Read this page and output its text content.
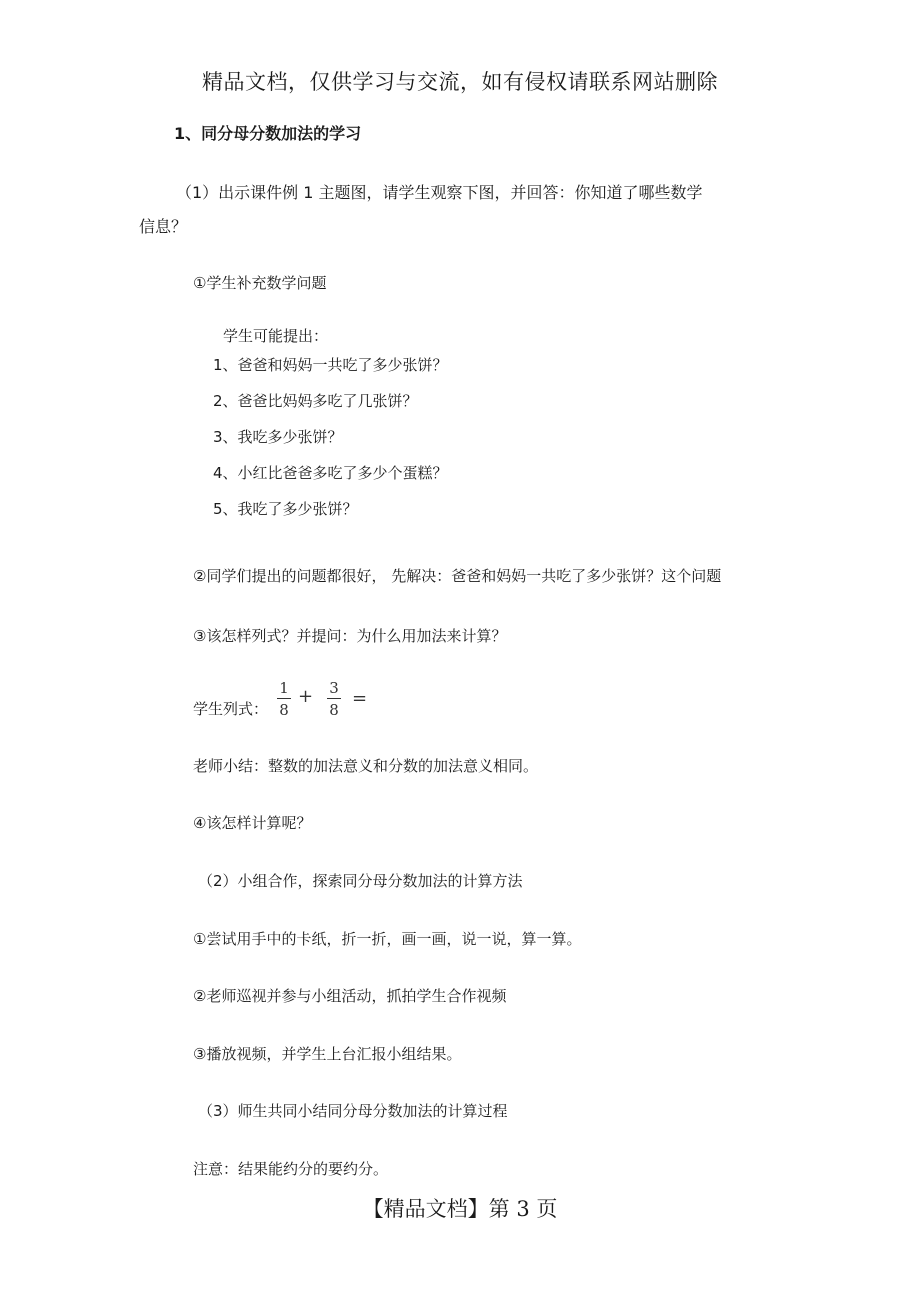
精品文档，仅供学习与交流，如有侵权请联系网站删除
1、同分母分数加法的学习
（1）出示课件例 1 主题图，请学生观察下图，并回答：你知道了哪些数学
信息？
①学生补充数学问题
学生可能提出：
1、爸爸和妈妈一共吃了多少张饼？
2、爸爸比妈妈多吃了几张饼？
3、我吃多少张饼？
4、小红比爸爸多吃了多少个蛋糕？
5、我吃了多少张饼？
②同学们提出的问题都很好， 先解决：爸爸和妈妈一共吃了多少张饼？这个问题
③该怎样列式？并提问：为什么用加法来计算？
学生列式：
1
8
+ 3
8
=
老师小结：整数的加法意义和分数的加法意义相同。
④该怎样计算呢？
（2）小组合作，探索同分母分数加法的计算方法
①尝试用手中的卡纸，折一折，画一画，说一说，算一算。
②老师巡视并参与小组活动，抓拍学生合作视频
③播放视频，并学生上台汇报小组结果。
（3）师生共同小结同分母分数加法的计算过程
注意：结果能约分的要约分。
【精品文档】第 3 页
